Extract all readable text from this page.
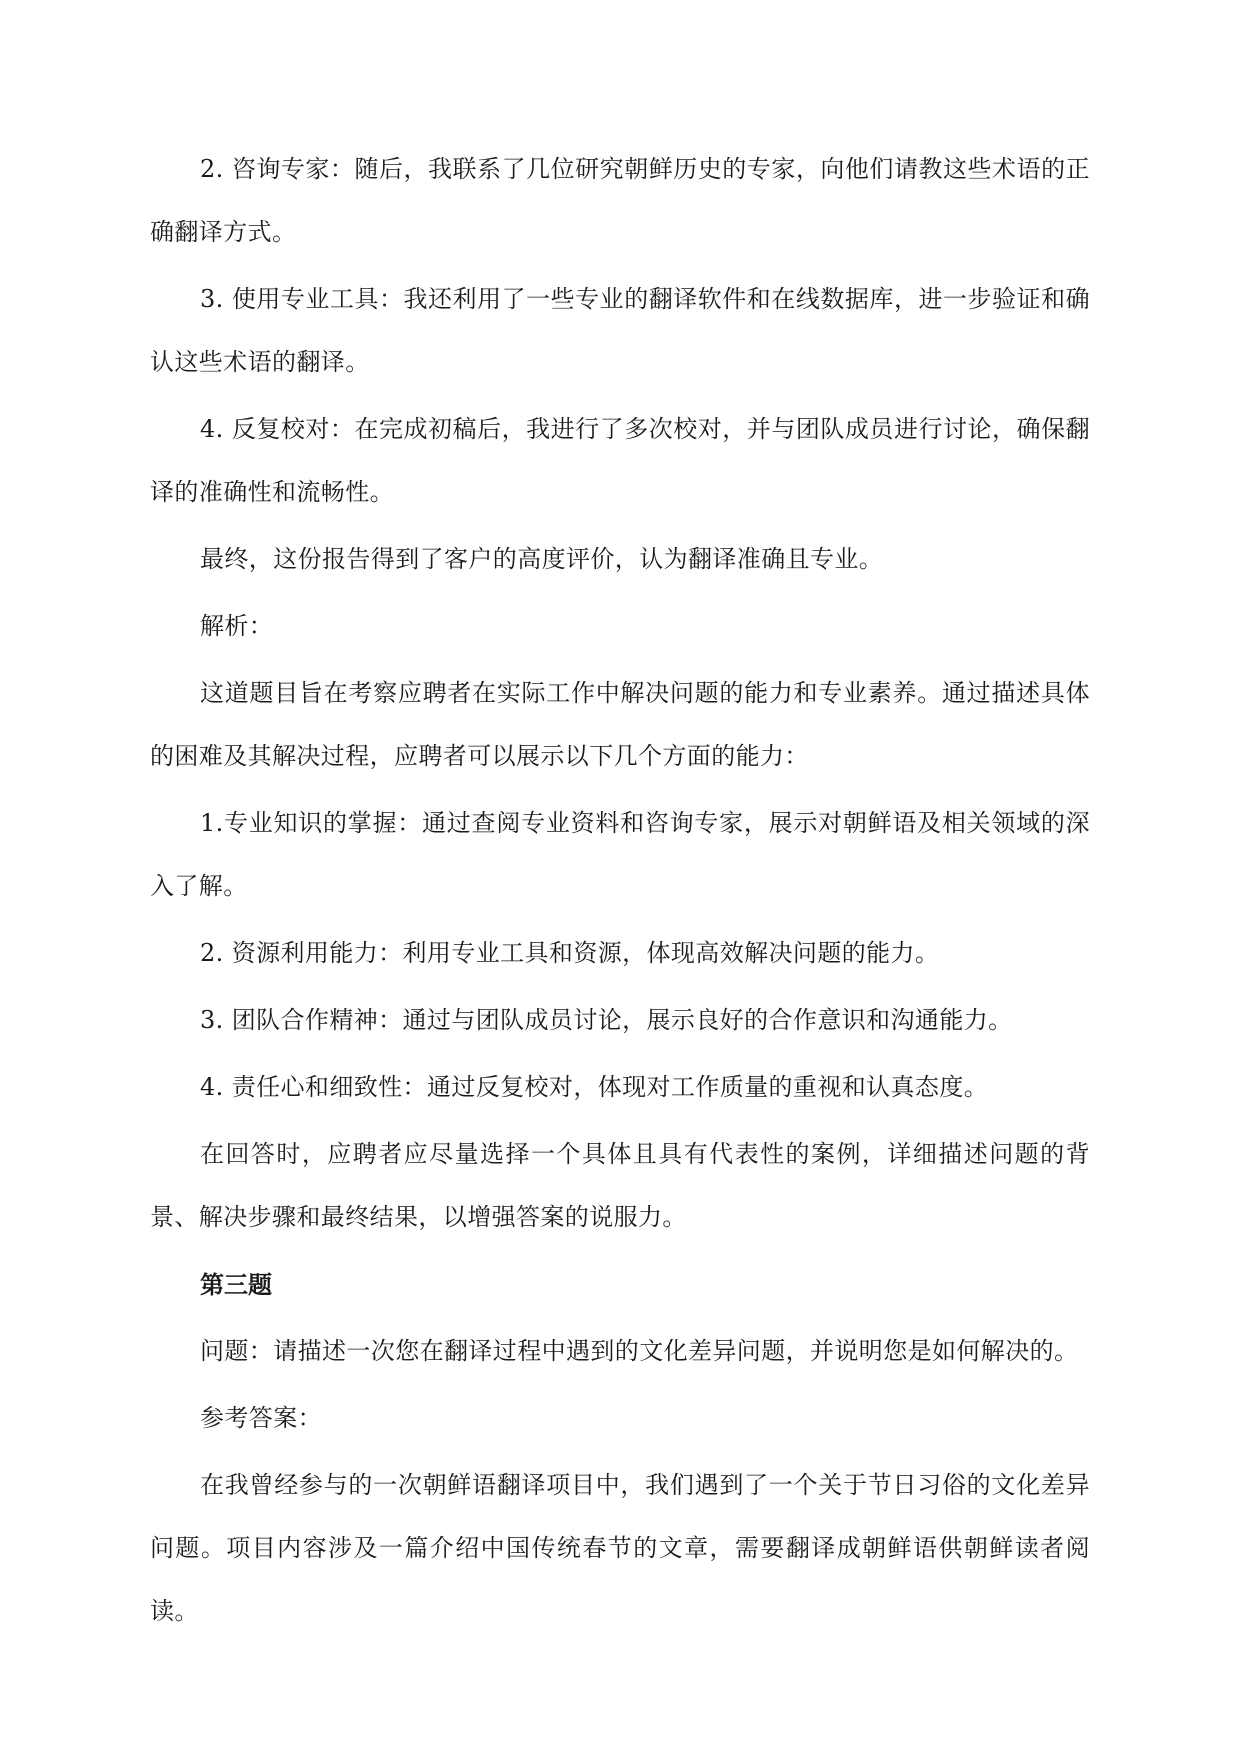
2. 咨询专家：随后，我联系了几位研究朝鲜历史的专家，向他们请教这些术语的正确翻译方式。

3. 使用专业工具：我还利用了一些专业的翻译软件和在线数据库，进一步验证和确认这些术语的翻译。

4. 反复校对：在完成初稿后，我进行了多次校对，并与团队成员进行讨论，确保翻译的准确性和流畅性。

最终，这份报告得到了客户的高度评价，认为翻译准确且专业。

解析：

这道题目旨在考察应聘者在实际工作中解决问题的能力和专业素养。通过描述具体的困难及其解决过程，应聘者可以展示以下几个方面的能力：

1.专业知识的掌握：通过查阅专业资料和咨询专家，展示对朝鲜语及相关领域的深入了解。

2. 资源利用能力：利用专业工具和资源，体现高效解决问题的能力。

3. 团队合作精神：通过与团队成员讨论，展示良好的合作意识和沟通能力。

4. 责任心和细致性：通过反复校对，体现对工作质量的重视和认真态度。

在回答时，应聘者应尽量选择一个具体且具有代表性的案例，详细描述问题的背景、解决步骤和最终结果，以增强答案的说服力。

第三题

问题：请描述一次您在翻译过程中遇到的文化差异问题，并说明您是如何解决的。

参考答案：

在我曾经参与的一次朝鲜语翻译项目中，我们遇到了一个关于节日习俗的文化差异问题。项目内容涉及一篇介绍中国传统春节的文章，需要翻译成朝鲜语供朝鲜读者阅读。
